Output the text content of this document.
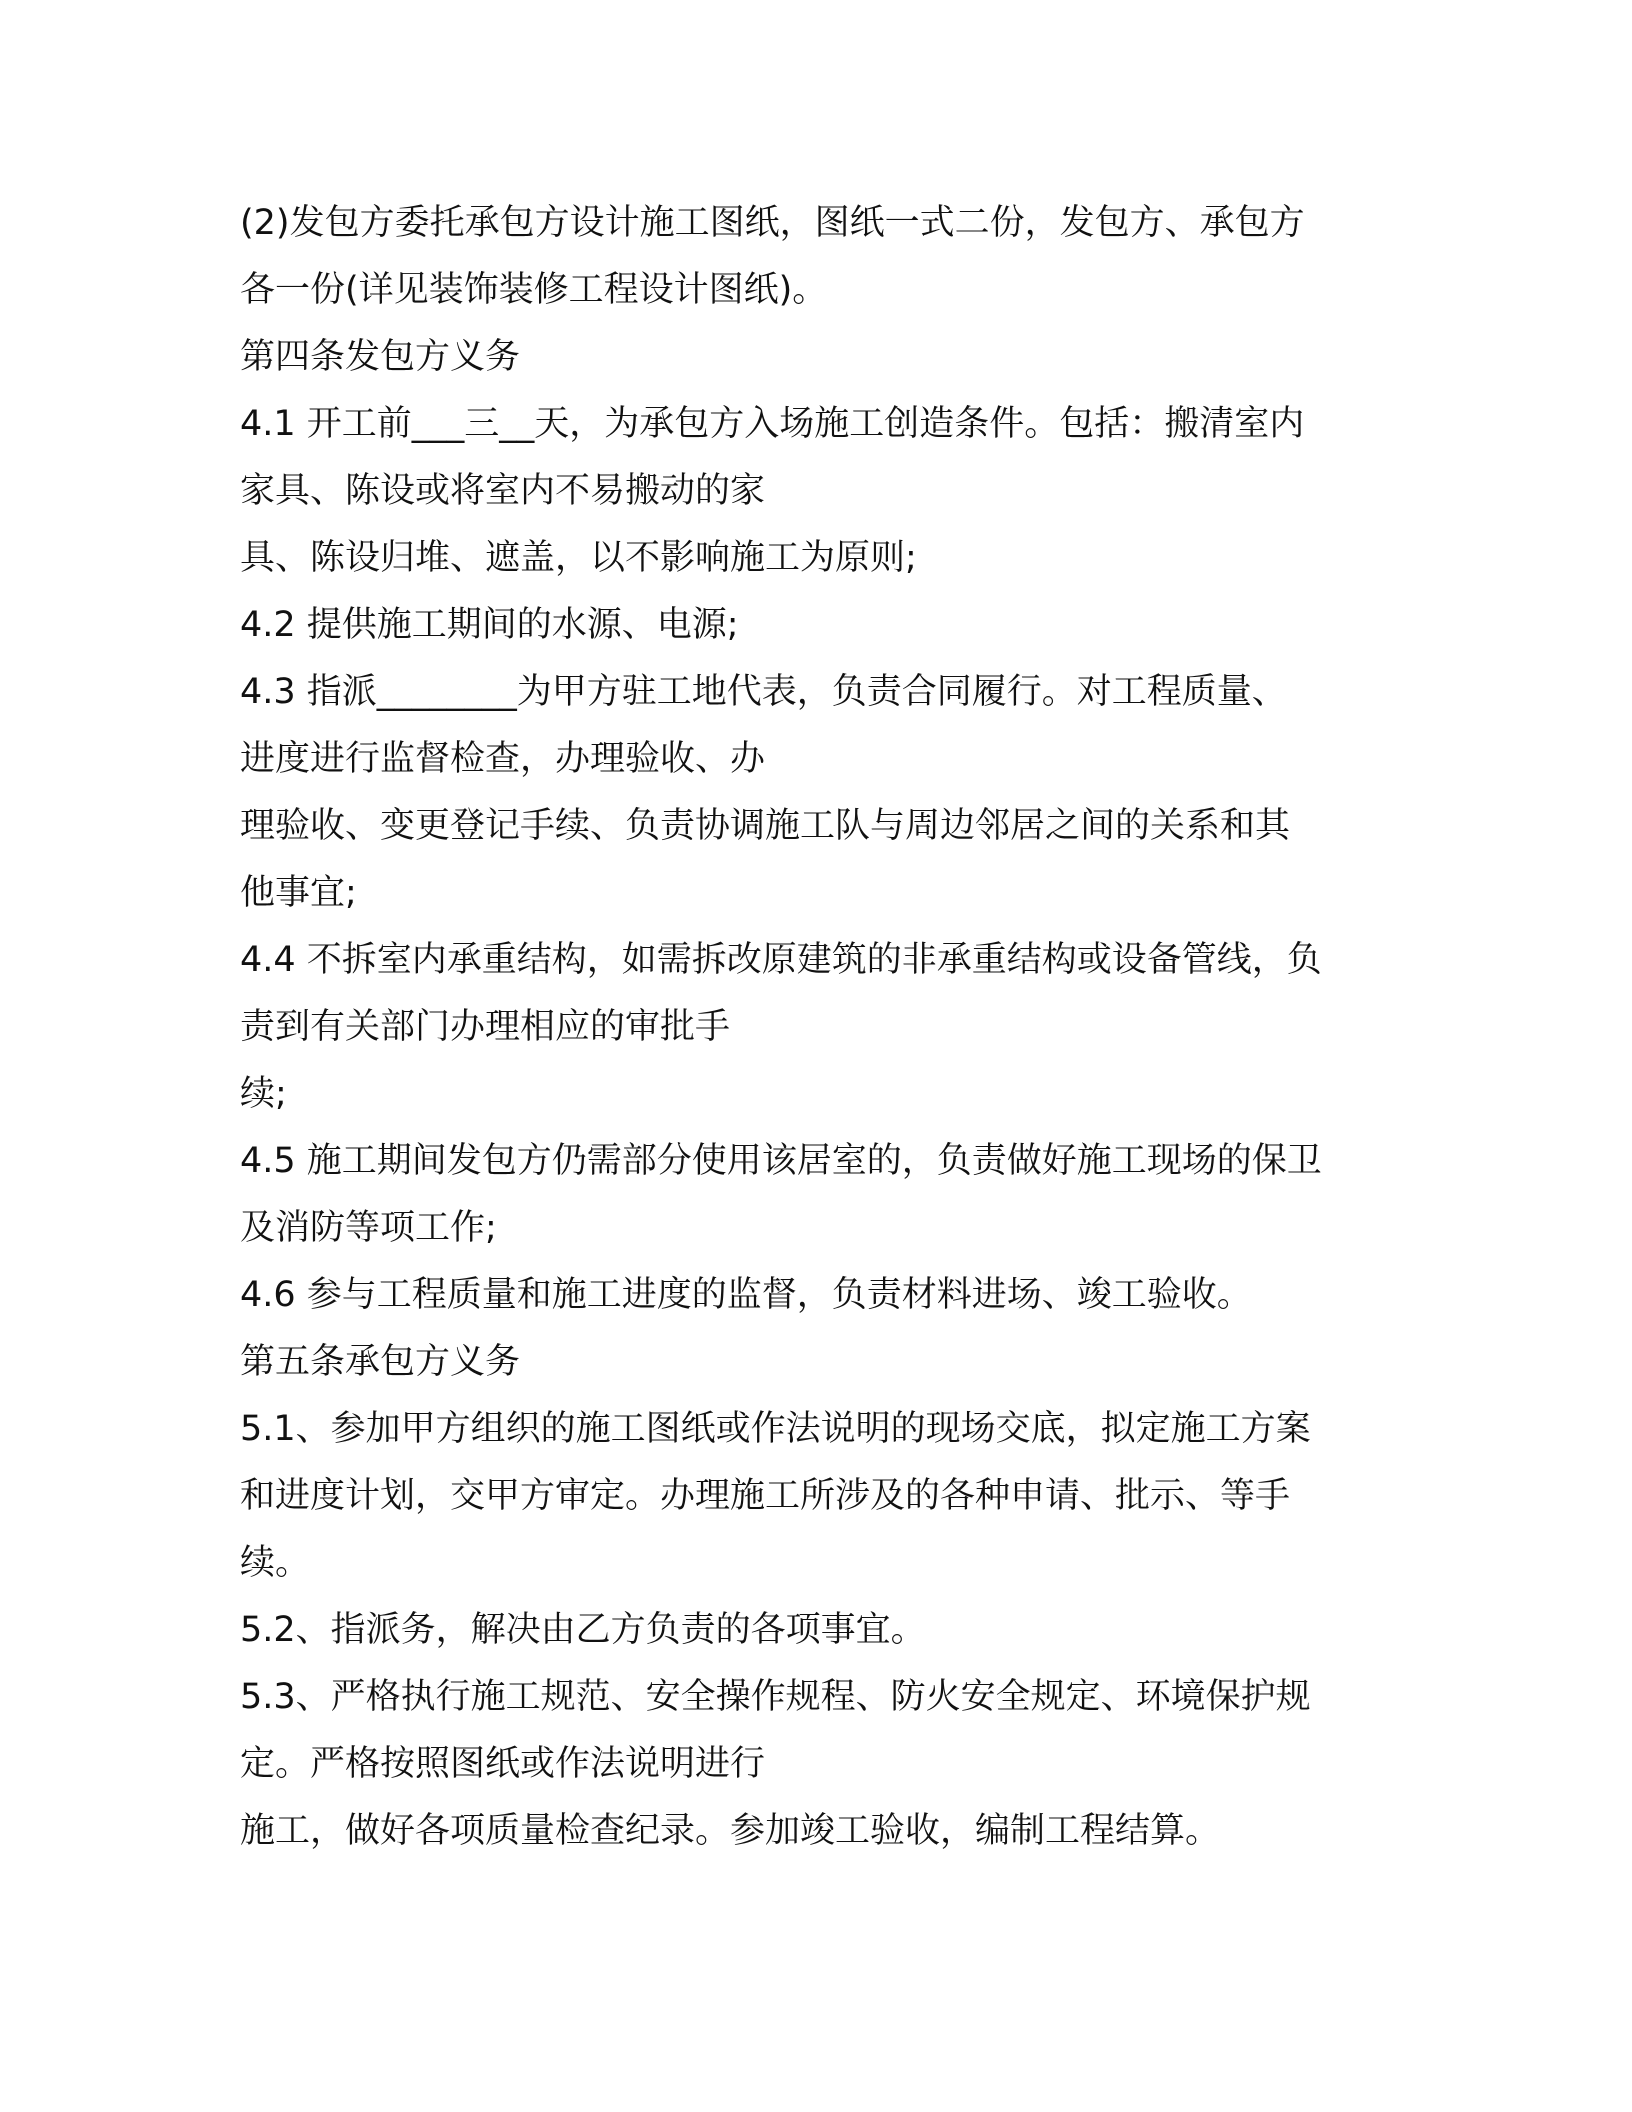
(2)发包方委托承包方设计施工图纸，图纸一式二份，发包方、承包方
各一份(详见装饰装修工程设计图纸)。
第四条发包方义务
4.1 开工前___三__天，为承包方入场施工创造条件。包括：搬清室内
家具、陈设或将室内不易搬动的家
具、陈设归堆、遮盖，以不影响施工为原则;
4.2 提供施工期间的水源、电源;
4.3 指派________为甲方驻工地代表，负责合同履行。对工程质量、
进度进行监督检查，办理验收、办
理验收、变更登记手续、负责协调施工队与周边邻居之间的关系和其
他事宜;
4.4 不拆室内承重结构，如需拆改原建筑的非承重结构或设备管线，负
责到有关部门办理相应的审批手
续;
4.5 施工期间发包方仍需部分使用该居室的，负责做好施工现场的保卫
及消防等项工作;
4.6 参与工程质量和施工进度的监督，负责材料进场、竣工验收。
第五条承包方义务
5.1、参加甲方组织的施工图纸或作法说明的现场交底，拟定施工方案
和进度计划，交甲方审定。办理施工所涉及的各种申请、批示、等手
续。
5.2、指派务，解决由乙方负责的各项事宜。
5.3、严格执行施工规范、安全操作规程、防火安全规定、环境保护规
定。严格按照图纸或作法说明进行
施工，做好各项质量检查纪录。参加竣工验收，编制工程结算。
